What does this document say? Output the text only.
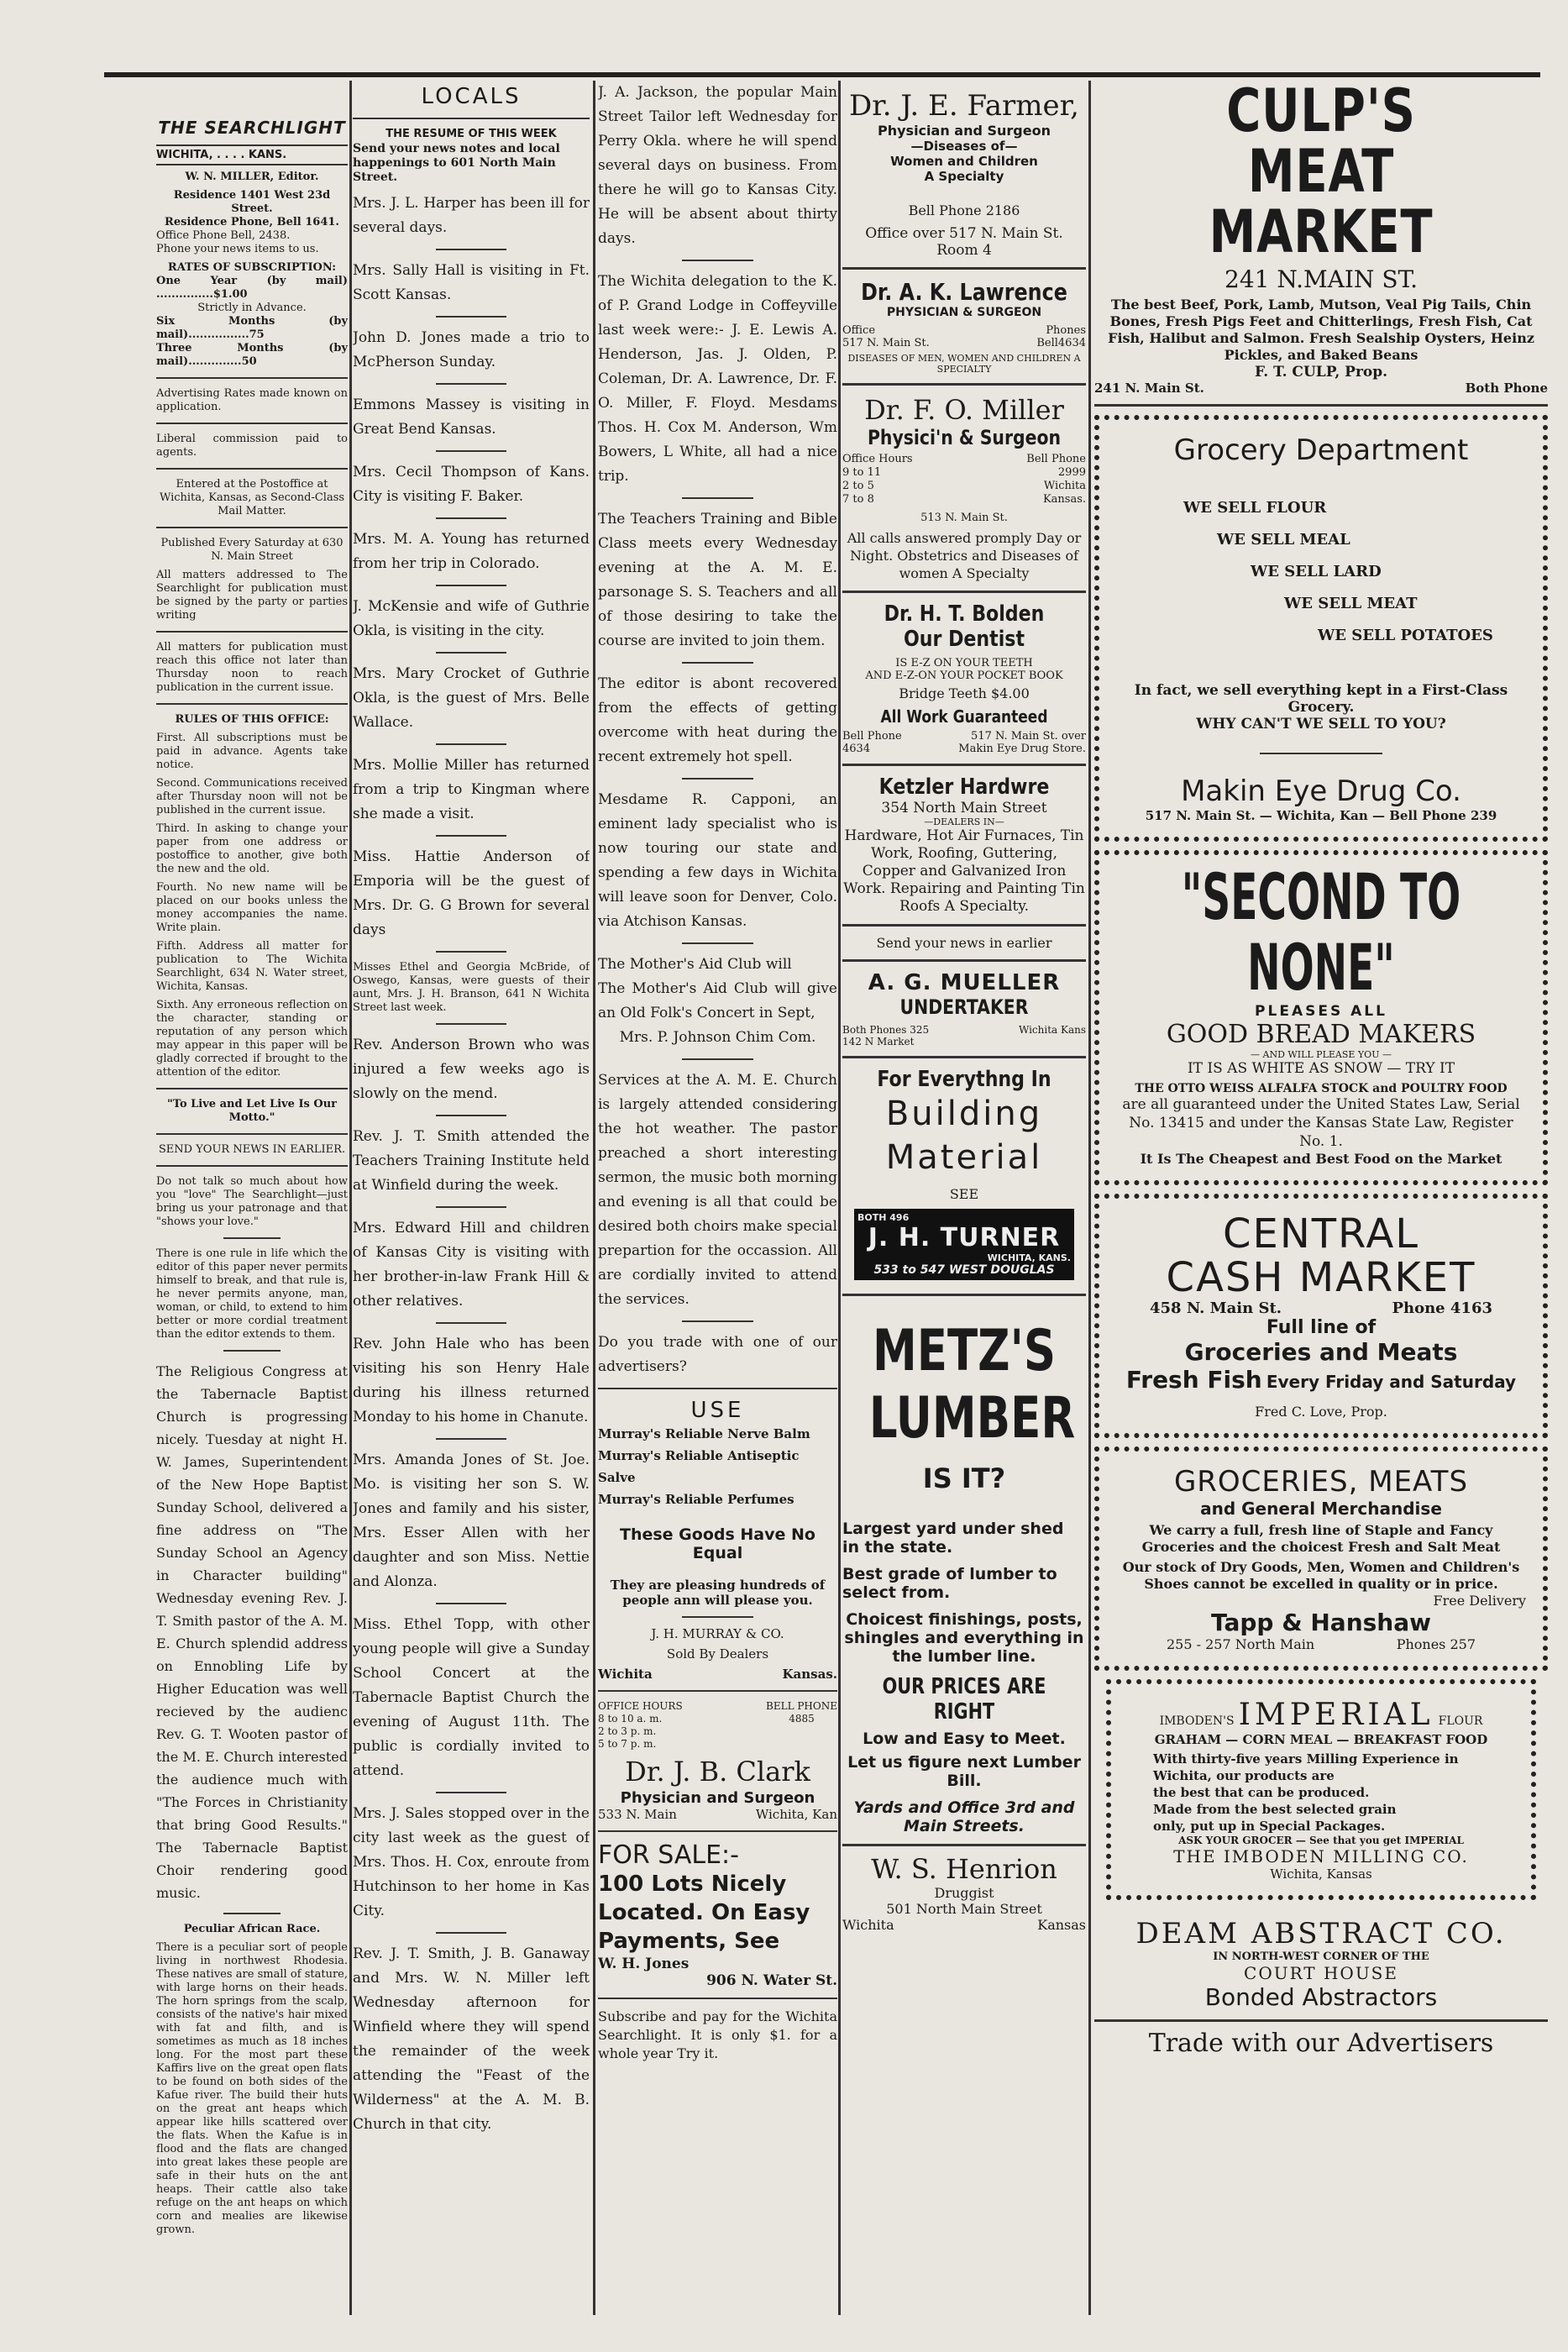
THE SEARCHLIGHT
WICHITA, . . . . KANS.

W. N. MILLER, Editor.

Residence 1401 West 23d Street.

Residence Phone, Bell 1641.

Office Phone Bell, 2438.

Phone your news items to us.

RATES OF SUBSCRIPTION:

One Year (by mail) ...............$1.00

Strictly in Advance.

Six Months (by mail)................75

Three Months (by mail)..............50

Advertising Rates made known on application.

Liberal commission paid to agents.

Entered at the Postoffice at Wichita, Kansas, as Second-Class Mail Matter.

Published Every Saturday at 630 N. Main Street

All matters addressed to The Searchlight for publication must be signed by the party or parties writing

All matters for publication must reach this office not later than Thursday noon to reach publication in the current issue.

RULES OF THIS OFFICE:

First. All subscriptions must be paid in advance. Agents take notice.

Second. Communications received after Thursday noon will not be published in the current issue.

Third. In asking to change your paper from one address or postoffice to another, give both the new and the old.

Fourth. No new name will be placed on our books unless the money accompanies the name. Write plain.

Fifth. Address all matter for publication to The Wichita Searchlight, 634 N. Water street, Wichita, Kansas.

Sixth. Any erroneous reflection on the character, standing or reputation of any person which may appear in this paper will be gladly corrected if brought to the attention of the editor.

"To Live and Let Live Is Our Motto."

SEND YOUR NEWS IN EARLIER.

Do not talk so much about how you "love" The Searchlight—just bring us your patronage and that "shows your love."

There is one rule in life which the editor of this paper never permits himself to break, and that rule is, he never permits anyone, man, woman, or child, to extend to him better or more cordial treatment than the editor extends to them.

The Religious Congress at the Tabernacle Baptist Church is progressing nicely. Tuesday at night H. W. James, Superintendent of the New Hope Baptist Sunday School, delivered a fine address on "The Sunday School an Agency in Character building" Wednesday evening Rev. J. T. Smith pastor of the A. M. E. Church splendid address on Ennobling Life by Higher Education was well recieved by the audienc Rev. G. T. Wooten pastor of the M. E. Church interested the audience much with "The Forces in Christianity that bring Good Results." The Tabernacle Baptist Choir rendering good music.

Peculiar African Race.

There is a peculiar sort of people living in northwest Rhodesia. These natives are small of stature, with large horns on their heads. The horn springs from the scalp, consists of the native's hair mixed with fat and filth, and is sometimes as much as 18 inches long. For the most part these Kaffirs live on the great open flats to be found on both sides of the Kafue river. The build their huts on the great ant heaps which appear like hills scattered over the flats. When the Kafue is in flood and the flats are changed into great lakes these people are safe in their huts on the ant heaps. Their cattle also take refuge on the ant heaps on which corn and mealies are likewise grown.

LOCALS
THE RESUME OF THIS WEEK
Send your news notes and local happenings to 601 North Main Street.

Mrs. J. L. Harper has been ill for several days.

Mrs. Sally Hall is visiting in Ft. Scott Kansas.

John D. Jones made a trio to McPherson Sunday.

Emmons Massey is visiting in Great Bend Kansas.

Mrs. Cecil Thompson of Kans. City is visiting F. Baker.

Mrs. M. A. Young has returned from her trip in Colorado.

J. McKensie and wife of Guthrie Okla, is visiting in the city.

Mrs. Mary Crocket of Guthrie Okla, is the guest of Mrs. Belle Wallace.

Mrs. Mollie Miller has returned from a trip to Kingman where she made a visit.

Miss. Hattie Anderson of Emporia will be the guest of Mrs. Dr. G. G Brown for several days

Misses Ethel and Georgia McBride, of Oswego, Kansas, were guests of their aunt, Mrs. J. H. Branson, 641 N Wichita Street last week.

Rev. Anderson Brown who was injured a few weeks ago is slowly on the mend.

Rev. J. T. Smith attended the Teachers Training Institute held at Winfield during the week.

Mrs. Edward Hill and children of Kansas City is visiting with her brother-in-law Frank Hill & other relatives.

Rev. John Hale who has been visiting his son Henry Hale during his illness returned Monday to his home in Chanute.

Mrs. Amanda Jones of St. Joe. Mo. is visiting her son S. W. Jones and family and his sister, Mrs. Esser Allen with her daughter and son Miss. Nettie and Alonza.

Miss. Ethel Topp, with other young people will give a Sunday School Concert at the Tabernacle Baptist Church the evening of August 11th. The public is cordially invited to attend.

Mrs. J. Sales stopped over in the city last week as the guest of Mrs. Thos. H. Cox, enroute from Hutchinson to her home in Kas City.

Rev. J. T. Smith, J. B. Ganaway and Mrs. W. N. Miller left Wednesday afternoon for Winfield where they will spend the remainder of the week attending the "Feast of the Wilderness" at the A. M. B. Church in that city.

J. A. Jackson, the popular Main Street Tailor left Wednesday for Perry Okla. where he will spend several days on business. From there he will go to Kansas City. He will be absent about thirty days.

The Wichita delegation to the K. of P. Grand Lodge in Coffeyville last week were:- J. E. Lewis A. Henderson, Jas. J. Olden, P. Coleman, Dr. A. Lawrence, Dr. F. O. Miller, F. Floyd. Mesdams Thos. H. Cox M. Anderson, Wm Bowers, L White, all had a nice trip.

The Teachers Training and Bible Class meets every Wednesday evening at the A. M. E. parsonage S. S. Teachers and all of those desiring to take the course are invited to join them.

The editor is abont recovered from the effects of getting overcome with heat during the recent extremely hot spell.

Mesdame R. Capponi, an eminent lady specialist who is now touring our state and spending a few days in Wichita will leave soon for Denver, Colo. via Atchison Kansas.

The Mother's Aid Club will

The Mother's Aid Club will give an Old Folk's Concert in Sept,

Mrs. P. Johnson Chim Com.

Services at the A. M. E. Church is largely attended considering the hot weather. The pastor preached a short interesting sermon, the music both morning and evening is all that could be desired both choirs make special prepartion for the occassion. All are cordially invited to attend the services.

Do you trade with one of our advertisers?

USE
Murray's Reliable Nerve Balm
Murray's Reliable Antiseptic Salve
Murray's Reliable Perfumes
These Goods Have No Equal
They are pleasing hundreds of people ann will please you.
J. H. MURRAY & CO.
Sold By Dealers
Wichita	Kansas.
OFFICE HOURS
8 to 10 a. m.
2 to 3 p. m.
5 to 7 p. m.
BELL PHONE
4885
Dr. J. B. Clark
Physician and Surgeon
533 N. Main	Wichita, Kan
FOR SALE:-
100 Lots Nicely Located. On Easy Payments, See
W. H. Jones
906 N. Water St.

Subscribe and pay for the Wichita Searchlight. It is only $1. for a whole year Try it.

Dr. J. E. Farmer,
Physician and Surgeon
—Diseases of—
Women and Children
A Specialty
Bell Phone 2186
Office over 517 N. Main St.
Room 4
Dr. A. K. Lawrence
PHYSICIAN & SURGEON
Office
517 N. Main St.
Phones
Bell4634
DISEASES OF MEN, WOMEN AND CHILDREN A SPECIALTY
Dr. F. O. Miller
Physici'n & Surgeon
Office Hours
9 to 11
2 to 5
7 to 8
Bell Phone
2999
Wichita
Kansas.
513 N. Main St.
All calls answered promply Day or Night. Obstetrics and Diseases of women A Specialty
Dr. H. T. Bolden
Our Dentist
IS E-Z ON YOUR TEETH
AND E-Z-ON YOUR POCKET BOOK
Bridge Teeth $4.00
All Work Guaranteed
Bell Phone
4634
517 N. Main St. over
Makin Eye Drug Store.
Ketzler Hardwre
354 North Main Street
—DEALERS IN—
Hardware, Hot Air Furnaces, Tin Work, Roofing, Guttering, Copper and Galvanized Iron Work. Repairing and Painting Tin Roofs A Specialty.
Send your news in earlier
A. G. MUELLER
UNDERTAKER
Both Phones 325
142 N Market
Wichita Kans
For Everythng In
Building
Material
SEE
BOTH 496
J. H. TURNER
WICHITA, KANS.
533 to 547 WEST DOUGLAS
METZ'S
LUMBER
IS IT?
Largest yard under shed in the state.
Best grade of lumber to select from.
Choicest finishings, posts, shingles and everything in the lumber line.
OUR PRICES ARE RIGHT
Low and Easy to Meet.
Let us figure next Lumber Bill.
Yards and Office 3rd and Main Streets.
W. S. Henrion
Druggist
501 North Main Street
Wichita	Kansas
CULP'S
MEAT MARKET
241 N.MAIN ST.
The best Beef, Pork, Lamb, Mutson, Veal Pig Tails, Chin Bones, Fresh Pigs Feet and Chitterlings, Fresh Fish, Cat Fish, Halibut and Salmon. Fresh Sealship Oysters, Heinz Pickles, and Baked Beans
F. T. CULP, Prop.
241 N. Main St.	Both Phone
Grocery Department
WE SELL FLOUR
WE SELL MEAL
WE SELL LARD
WE SELL MEAT
WE SELL POTATOES
In fact, we sell everything kept in a First-Class Grocery.
WHY CAN'T WE SELL TO YOU?
Makin Eye Drug Co.
517 N. Main St. — Wichita, Kan — Bell Phone 239
"SECOND TO NONE"
PLEASES ALL
GOOD BREAD MAKERS
— AND WILL PLEASE YOU —
IT IS AS WHITE AS SNOW — TRY IT
THE OTTO WEISS ALFALFA STOCK and POULTRY FOOD
are all guaranteed under the United States Law, Serial No. 13415 and under the Kansas State Law, Register No. 1.
It Is The Cheapest and Best Food on the Market
CENTRAL
CASH MARKET
458 N. Main St.	Phone 4163
Full line of
Groceries and Meats
Fresh Fish Every Friday and Saturday
Fred C. Love, Prop.
GROCERIES, MEATS
and General Merchandise
We carry a full, fresh line of Staple and Fancy Groceries and the choicest Fresh and Salt Meat
Our stock of Dry Goods, Men, Women and Children's Shoes cannot be excelled in quality or in price.
Free Delivery
Tapp & Hanshaw
255 - 257 North Main	Phones 257
IMBODEN'S IMPERIAL FLOUR
GRAHAM — CORN MEAL — BREAKFAST FOOD
With thirty-five years Milling Experience in Wichita, our products are
the best that can be produced.
Made from the best selected grain
only, put up in Special Packages.
ASK YOUR GROCER — See that you get IMPERIAL
THE IMBODEN MILLING CO.
Wichita, Kansas
DEAM ABSTRACT CO.
IN NORTH-WEST CORNER OF THE
COURT HOUSE
Bonded Abstractors
Trade with our Advertisers
